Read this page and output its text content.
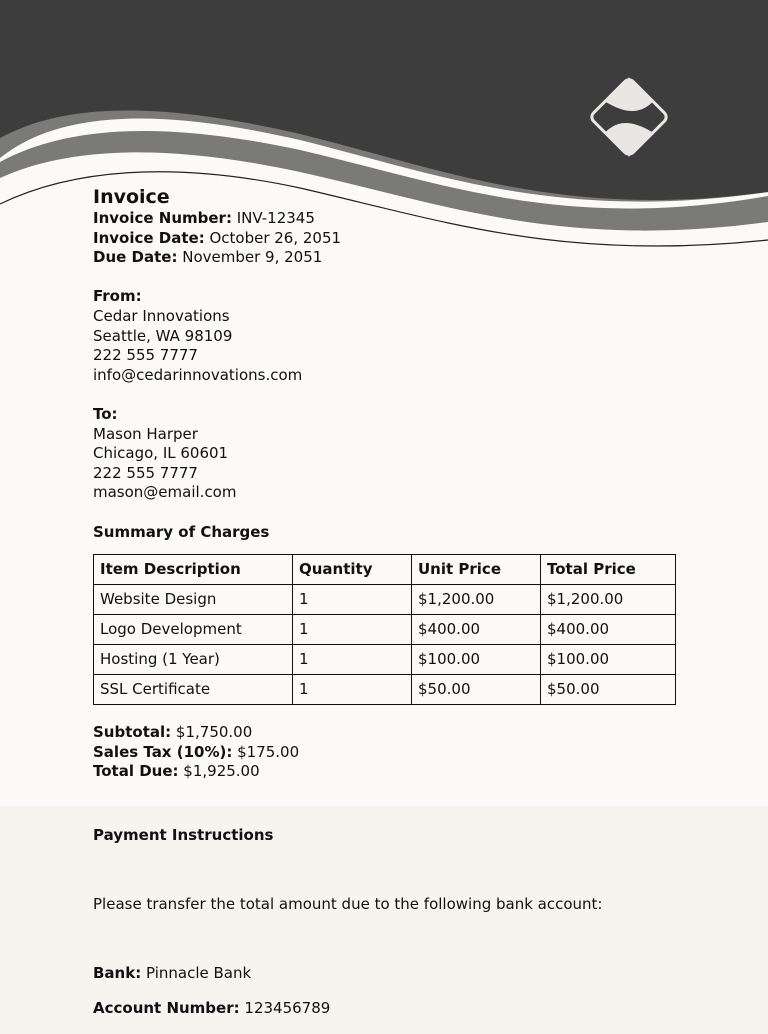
Invoice

Invoice Number: INV-12345

Invoice Date: October 26, 2051

Due Date: November 9, 2051

From:

Cedar Innovations

Seattle, WA 98109

222 555 7777

info@cedarinnovations.com

To:

Mason Harper

Chicago, IL 60601

222 555 7777

mason@email.com

Summary of Charges

Item Description	Quantity	Unit Price	Total Price
Website Design	1	$1,200.00	$1,200.00
Logo Development	1	$400.00	$400.00
Hosting (1 Year)	1	$100.00	$100.00
SSL Certificate	1	$50.00	$50.00

Subtotal: $1,750.00

Sales Tax (10%): $175.00

Total Due: $1,925.00

Payment Instructions

Please transfer the total amount due to the following bank account:

Bank: Pinnacle Bank

Account Number: 123456789
